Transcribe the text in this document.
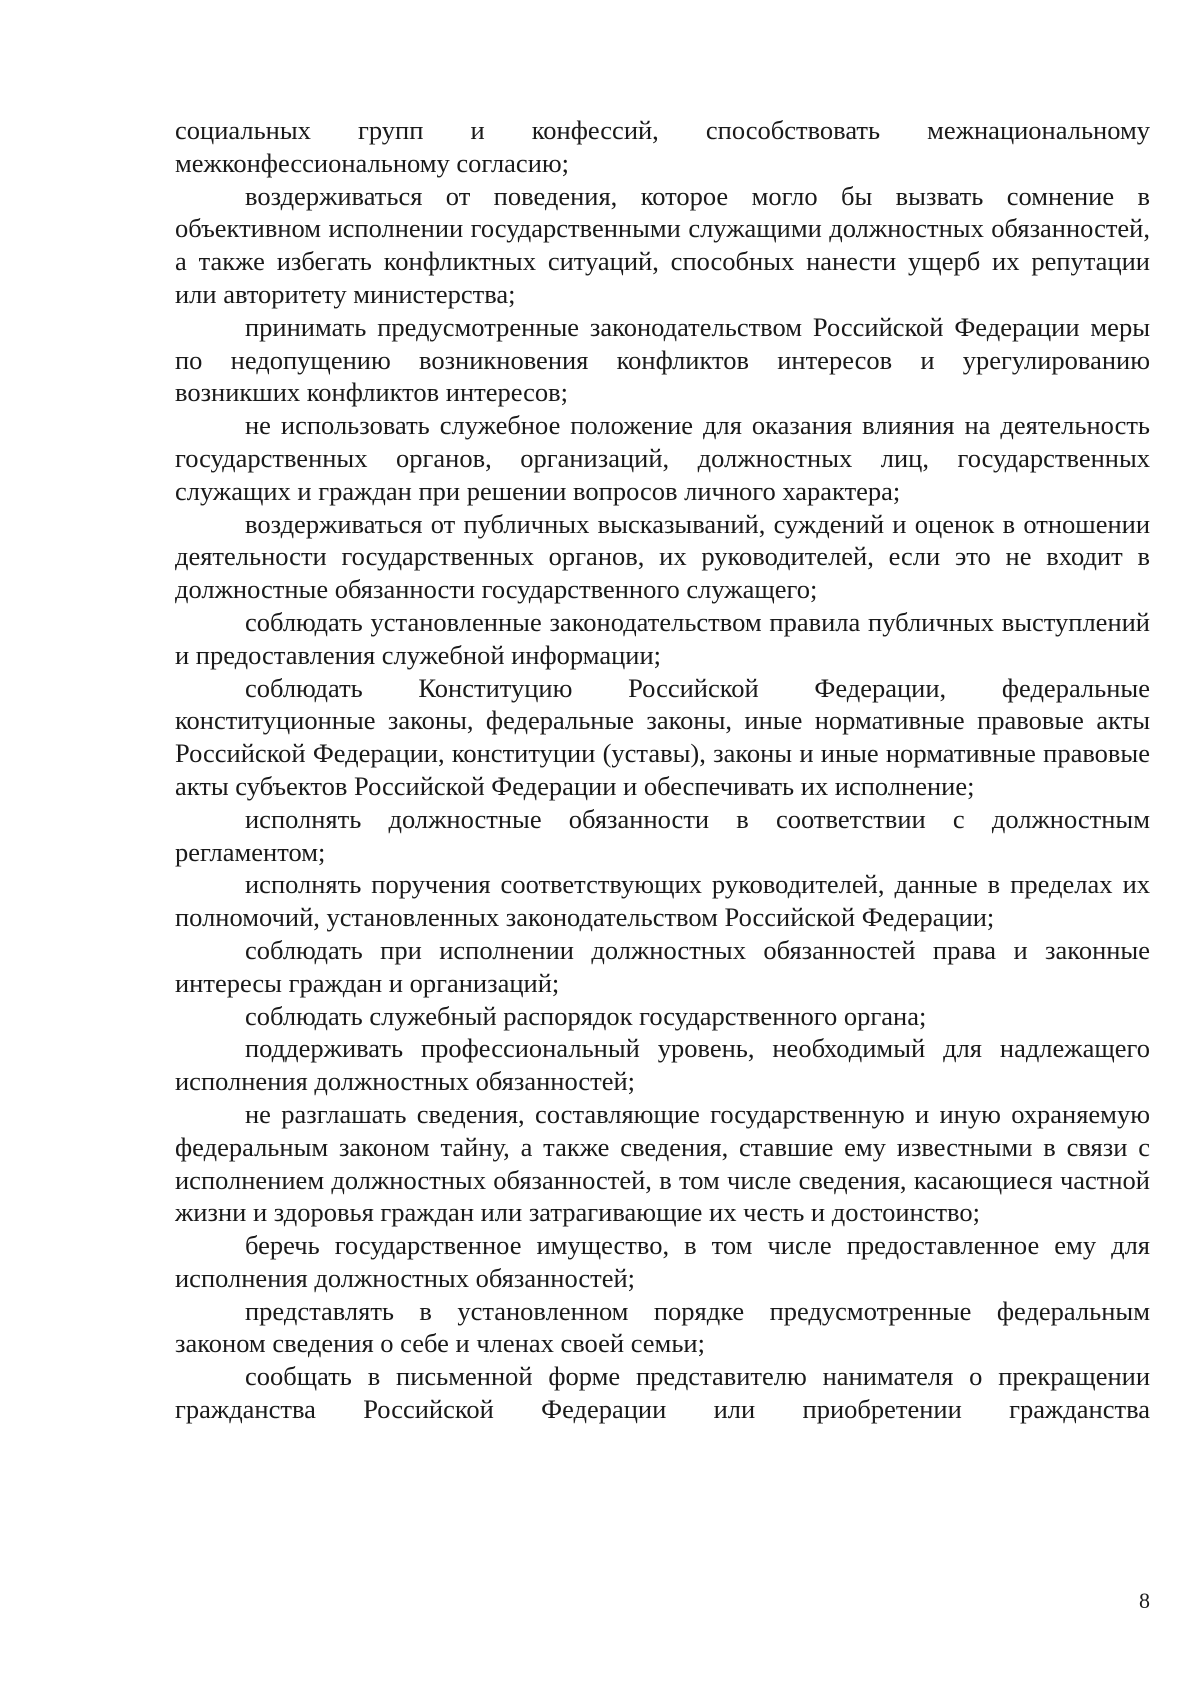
социальных групп и конфессий, способствовать межнациональному межконфессиональному согласию;

воздерживаться от поведения, которое могло бы вызвать сомнение в объективном исполнении государственными служащими должностных обязанностей, а также избегать конфликтных ситуаций, способных нанести ущерб их репутации или авторитету министерства;

принимать предусмотренные законодательством Российской Федерации меры по недопущению возникновения конфликтов интересов и урегулированию возникших конфликтов интересов;

не использовать служебное положение для оказания влияния на деятельность государственных органов, организаций, должностных лиц, государственных служащих и граждан при решении вопросов личного характера;

воздерживаться от публичных высказываний, суждений и оценок в отношении деятельности государственных органов, их руководителей, если это не входит в должностные обязанности государственного служащего;

соблюдать установленные законодательством правила публичных выступлений и предоставления служебной информации;

соблюдать Конституцию Российской Федерации, федеральные конституционные законы, федеральные законы, иные нормативные правовые акты Российской Федерации, конституции (уставы), законы и иные нормативные правовые акты субъектов Российской Федерации и обеспечивать их исполнение;

исполнять должностные обязанности в соответствии с должностным регламентом;

исполнять поручения соответствующих руководителей, данные в пределах их полномочий, установленных законодательством Российской Федерации;

соблюдать при исполнении должностных обязанностей права и законные интересы граждан и организаций;

соблюдать служебный распорядок государственного органа;

поддерживать профессиональный уровень, необходимый для надлежащего исполнения должностных обязанностей;

не разглашать сведения, составляющие государственную и иную охраняемую федеральным законом тайну, а также сведения, ставшие ему известными в связи с исполнением должностных обязанностей, в том числе сведения, касающиеся частной жизни и здоровья граждан или затрагивающие их честь и достоинство;

беречь государственное имущество, в том числе предоставленное ему для исполнения должностных обязанностей;

представлять в установленном порядке предусмотренные федеральным законом сведения о себе и членах своей семьи;

сообщать в письменной форме представителю нанимателя о прекращении гражданства Российской Федерации или приобретении гражданства

8
